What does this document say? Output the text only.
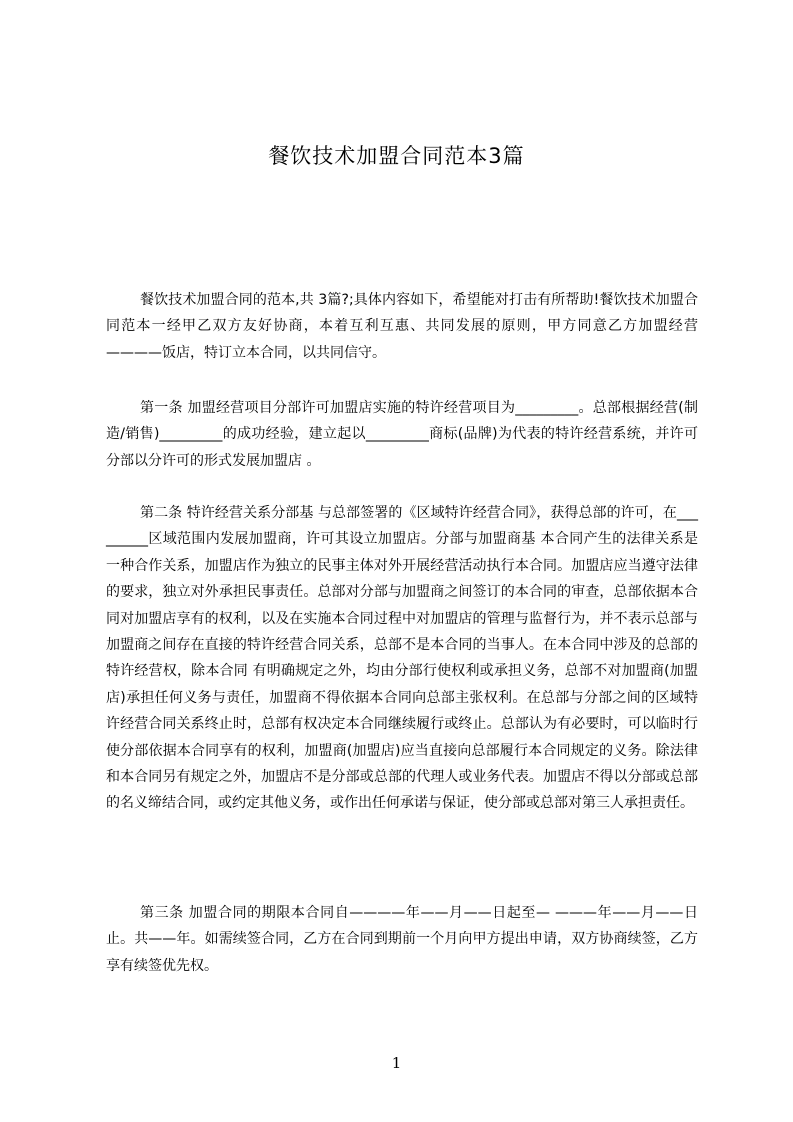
餐饮技术加盟合同范本3篇

餐饮技术加盟合同的范本,共 3篇?;具体内容如下，希望能对打击有所帮助!餐饮技术加盟合同范本一经甲乙双方友好协商，本着互利互惠、共同发展的原则，甲方同意乙方加盟经营————饭店，特订立本合同，以共同信守。

第一条 加盟经营项目分部许可加盟店实施的特许经营项目为_________。总部根据经营(制造/销售)_________的成功经验，建立起以_________商标(品牌)为代表的特许经营系统，并许可分部以分许可的形式发展加盟店 。

第二条 特许经营关系分部基 与总部签署的《区域特许经营合同》，获得总部的许可，在_________区域范围内发展加盟商，许可其设立加盟店。分部与加盟商基 本合同产生的法律关系是一种合作关系，加盟店作为独立的民事主体对外开展经营活动执行本合同。加盟店应当遵守法律的要求，独立对外承担民事责任。总部对分部与加盟商之间签订的本合同的审查，总部依据本合同对加盟店享有的权利，以及在实施本合同过程中对加盟店的管理与监督行为，并不表示总部与加盟商之间存在直接的特许经营合同关系，总部不是本合同的当事人。在本合同中涉及的总部的特许经营权，除本合同 有明确规定之外，均由分部行使权利或承担义务，总部不对加盟商(加盟店)承担任何义务与责任，加盟商不得依据本合同向总部主张权利。在总部与分部之间的区域特许经营合同关系终止时，总部有权决定本合同继续履行或终止。总部认为有必要时，可以临时行使分部依据本合同享有的权利，加盟商(加盟店)应当直接向总部履行本合同规定的义务。除法律和本合同另有规定之外，加盟店不是分部或总部的代理人或业务代表。加盟店不得以分部或总部的名义缔结合同，或约定其他义务，或作出任何承诺与保证，使分部或总部对第三人承担责任。

第三条 加盟合同的期限本合同自————年——月——日起至— ———年——月——日止。共——年。如需续签合同，乙方在合同到期前一个月向甲方提出申请，双方协商续签，乙方享有续签优先权。

1
